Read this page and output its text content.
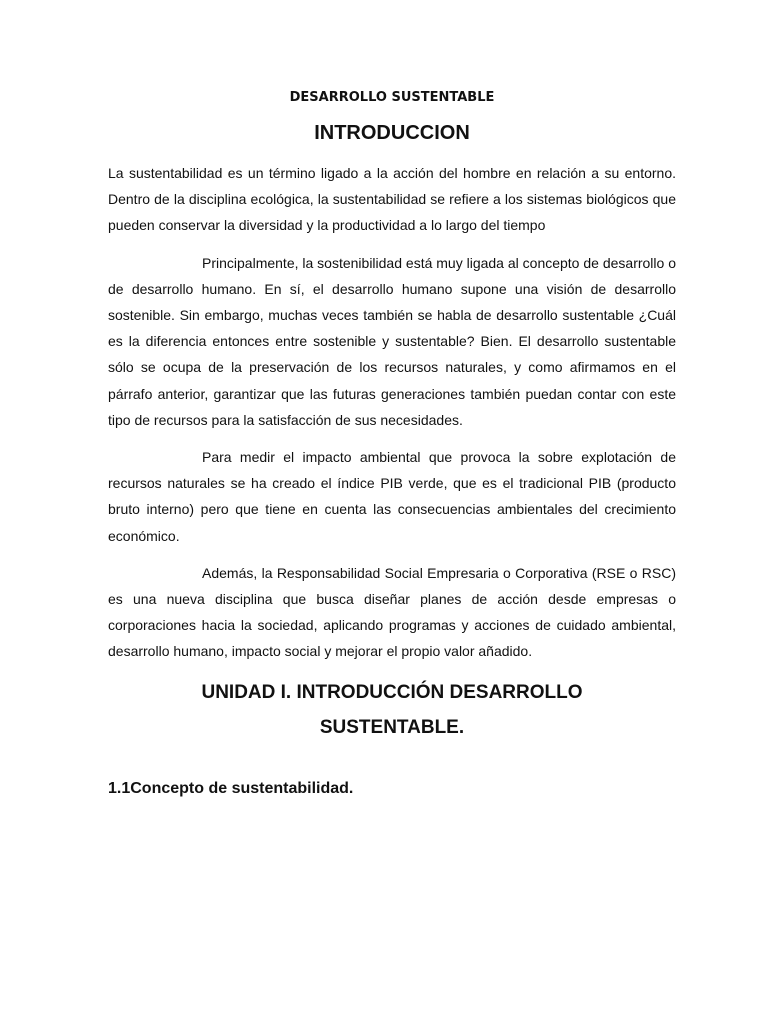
DESARROLLO SUSTENTABLE
INTRODUCCION

La sustentabilidad es un término ligado a la acción del hombre en relación a su entorno. Dentro de la disciplina ecológica, la sustentabilidad se refiere a los sistemas biológicos que pueden conservar la diversidad y la productividad a lo largo del tiempo

Principalmente, la sostenibilidad está muy ligada al concepto de desarrollo o de desarrollo humano. En sí, el desarrollo humano supone una visión de desarrollo sostenible. Sin embargo, muchas veces también se habla de desarrollo sustentable ¿Cuál es la diferencia entonces entre sostenible y sustentable? Bien. El desarrollo sustentable sólo se ocupa de la preservación de los recursos naturales, y como afirmamos en el párrafo anterior, garantizar que las futuras generaciones también puedan contar con este tipo de recursos para la satisfacción de sus necesidades.

Para medir el impacto ambiental que provoca la sobre explotación de recursos naturales se ha creado el índice PIB verde, que es el tradicional PIB (producto bruto interno) pero que tiene en cuenta las consecuencias ambientales del crecimiento económico.

Además, la Responsabilidad Social Empresaria o Corporativa (RSE o RSC) es una nueva disciplina que busca diseñar planes de acción desde empresas o corporaciones hacia la sociedad, aplicando programas y acciones de cuidado ambiental, desarrollo humano, impacto social y mejorar el propio valor añadido.

UNIDAD I. INTRODUCCIÓN DESARROLLO
SUSTENTABLE.
1.1Concepto de sustentabilidad.
